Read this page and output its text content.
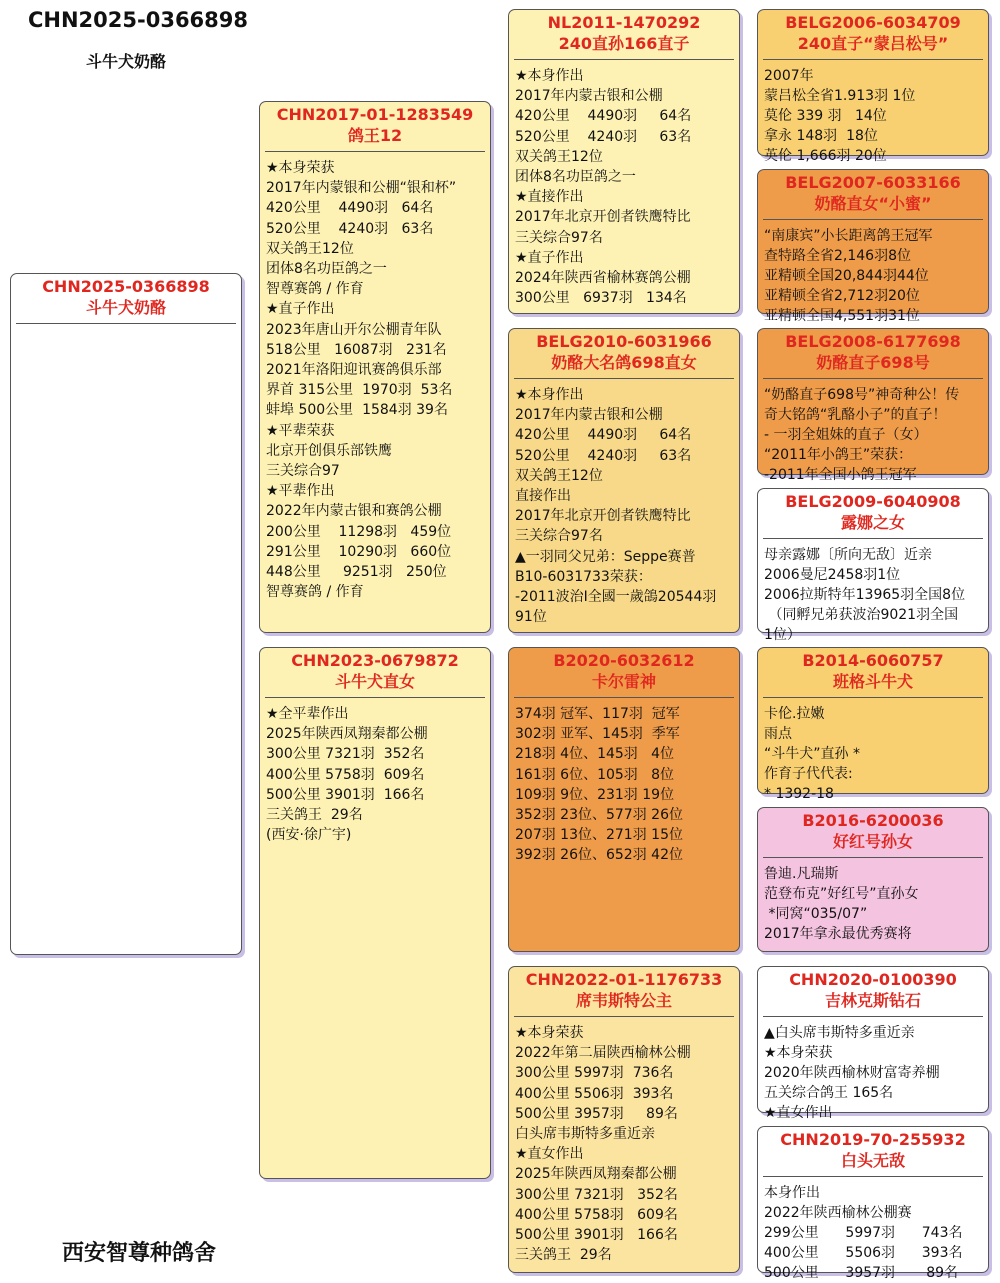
CHN2025-0366898
斗牛犬奶酪
CHN2025-0366898
斗牛犬奶酪
CHN2017-01-1283549
鸽王12
★本身荣获
2017年内蒙银和公棚“银和杯”
420公里    4490羽   64名
520公里    4240羽   63名
双关鸽王12位
团体8名功臣鸽之一
智尊赛鸽 / 作育
★直子作出
2023年唐山开尔公棚青年队
518公里   16087羽   231名
2021年洛阳迎讯赛鸽俱乐部
界首 315公里  1970羽  53名
蚌埠 500公里  1584羽 39名
★平辈荣获
北京开创俱乐部铁鹰
三关综合97
★平辈作出
2022年内蒙古银和赛鸽公棚
200公里    11298羽   459位
291公里    10290羽   660位
448公里     9251羽   250位
智尊赛鸽 / 作育
CHN2023-0679872
斗牛犬直女
★全平辈作出
2025年陕西凤翔秦都公棚
300公里 7321羽  352名
400公里 5758羽  609名
500公里 3901羽  166名
三关鸽王  29名
(西安·徐广宇)
NL2011-1470292
240直孙166直子
★本身作出
2017年内蒙古银和公棚
420公里    4490羽     64名
520公里    4240羽     63名
双关鸽王12位
团体8名功臣鸽之一
★直接作出
2017年北京开创者铁鹰特比
三关综合97名
★直子作出
2024年陕西省榆林赛鸽公棚
300公里   6937羽   134名
BELG2010-6031966
奶酪大名鸽698直女
★本身作出
2017年内蒙古银和公棚
420公里    4490羽     64名
520公里    4240羽     63名
双关鸽王12位
直接作出
2017年北京开创者铁鹰特比
三关综合97名
▲一羽同父兄弟：Seppe赛普
B10-6031733荣获：
-2011波治I全國一歲鴿20544羽
91位
B2020-6032612
卡尔雷神
374羽 冠军、117羽  冠军
302羽 亚军、145羽  季军
218羽 4位、145羽   4位
161羽 6位、105羽   8位
109羽 9位、231羽 19位
352羽 23位、577羽 26位
207羽 13位、271羽 15位
392羽 26位、652羽 42位
CHN2022-01-1176733
席韦斯特公主
★本身荣获
2022年第二届陕西榆林公棚
300公里 5997羽  736名
400公里 5506羽  393名
500公里 3957羽     89名
白头席韦斯特多重近亲
★直女作出
2025年陕西凤翔秦都公棚
300公里 7321羽   352名
400公里 5758羽   609名
500公里 3901羽   166名
三关鸽王  29名
BELG2006-6034709
240直子“蒙吕松号”
2007年
蒙吕松全省1.913羽 1位
莫伦 339 羽   14位
拿永 148羽  18位
英伦 1,666羽 20位
BELG2007-6033166
奶酪直女“小蜜”
“南康宾”小长距离鸽王冠军
查特路全省2,146羽8位
亚精顿全国20,844羽44位
亚精顿全省2,712羽20位
亚精顿全国4,551羽31位
BELG2008-6177698
奶酪直子698号
“奶酪直子698号”神奇种公！传
奇大铭鸽“乳酪小子”的直子！
- 一羽全姐妹的直子（女）
“2011年小鸽王”荣获：
-2011年全国小鸽王冠军
BELG2009-6040908
露娜之女
母亲露娜〔所向无敌〕近亲
2006曼尼2458羽1位
2006拉斯特年13965羽全国8位
（同孵兄弟获波治9021羽全国
1位）
B2014-6060757
班格斗牛犬
卡伦.拉嫩
雨点
“斗牛犬”直孙 *
作育子代代表:
* 1392-18
B2016-6200036
好红号孙女
鲁迪.凡瑞斯
范登布克”好红号”直孙女
*同窝“035/07”
2017年拿永最优秀赛将
CHN2020-0100390
吉林克斯钻石
▲白头席韦斯特多重近亲
★本身荣获
2020年陕西榆林财富寄养棚
五关综合鸽王 165名
★直女作出
CHN2019-70-255932
白头无敌
本身作出
2022年陕西榆林公棚赛
299公里      5997羽      743名
400公里      5506羽      393名
500公里      3957羽       89名
西安智尊种鸽舍
